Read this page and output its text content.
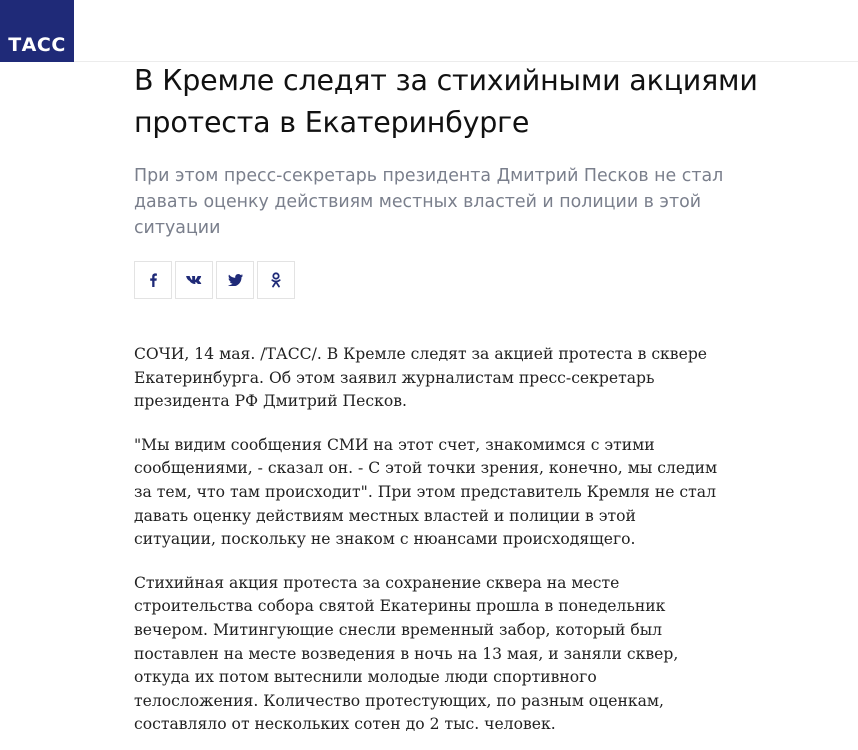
ТАСС
В Кремле следят за стихийными акциями протеста в Екатеринбурге

При этом пресс-секретарь президента Дмитрий Песков не стал давать оценку действиям местных властей и полиции в этой ситуации

СОЧИ, 14 мая. /ТАСС/. В Кремле следят за акцией протеста в сквере Екатеринбурга. Об этом заявил журналистам пресс-секретарь президента РФ Дмитрий Песков.

"Мы видим сообщения СМИ на этот счет, знакомимся с этими сообщениями, - сказал он. - С этой точки зрения, конечно, мы следим за тем, что там происходит". При этом представитель Кремля не стал давать оценку действиям местных властей и полиции в этой ситуации, поскольку не знаком с нюансами происходящего.

Стихийная акция протеста за сохранение сквера на месте строительства собора святой Екатерины прошла в понедельник вечером. Митингующие снесли временный забор, который был поставлен на месте возведения в ночь на 13 мая, и заняли сквер, откуда их потом вытеснили молодые люди спортивного телосложения. Количество протестующих, по разным оценкам, составляло от нескольких сотен до 2 тыс. человек.
